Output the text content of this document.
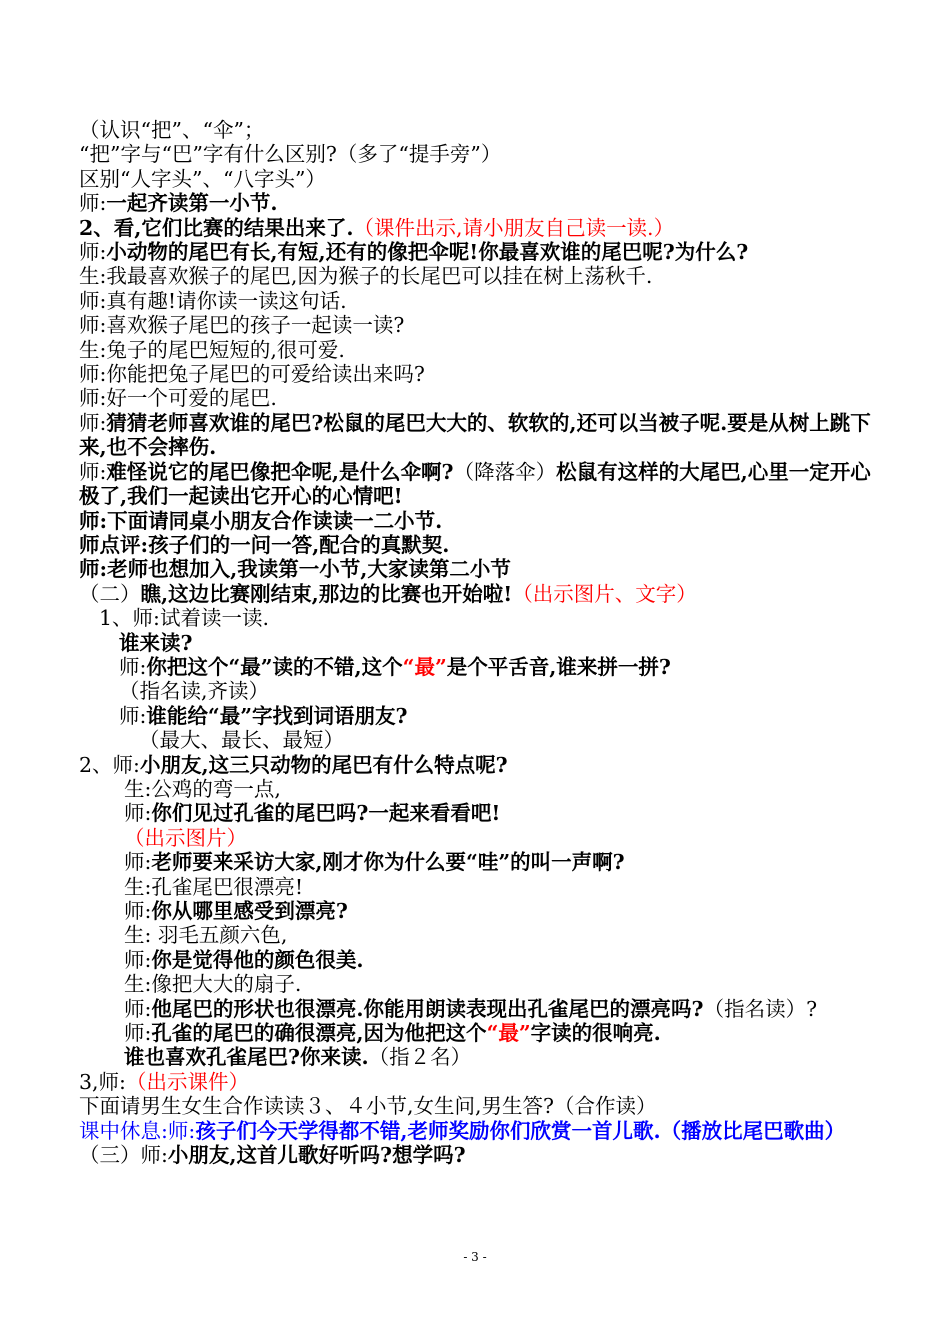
（认识“把”、“伞”；
“把”字与“巴”字有什么区别?（多了“提手旁”）
区别“人字头”、“八字头”）
师:一起齐读第一小节.
2、看,它们比赛的结果出来了.（课件出示,请小朋友自己读一读.）
师:小动物的尾巴有长,有短,还有的像把伞呢!你最喜欢谁的尾巴呢?为什么?
生:我最喜欢猴子的尾巴,因为猴子的长尾巴可以挂在树上荡秋千.
师:真有趣!请你读一读这句话.
师:喜欢猴子尾巴的孩子一起读一读?
生:兔子的尾巴短短的,很可爱.
师:你能把兔子尾巴的可爱给读出来吗?
师:好一个可爱的尾巴.
师:猜猜老师喜欢谁的尾巴?松鼠的尾巴大大的、软软的,还可以当被子呢.要是从树上跳下来,也不会摔伤.
师:难怪说它的尾巴像把伞呢,是什么伞啊?（降落伞）松鼠有这样的大尾巴,心里一定开心极了,我们一起读出它开心的心情吧!
师:下面请同桌小朋友合作读读一二小节.
师点评:孩子们的一问一答,配合的真默契.
师:老师也想加入,我读第一小节,大家读第二小节
（二）瞧,这边比赛刚结束,那边的比赛也开始啦!（出示图片、文字）
1、师:试着读一读.
谁来读?
师:你把这个“最”读的不错,这个“最”是个平舌音,谁来拼一拼?
（指名读,齐读）
师:谁能给“最”字找到词语朋友?
（最大、最长、最短）
2、师:小朋友,这三只动物的尾巴有什么特点呢?
生:公鸡的弯一点,
师:你们见过孔雀的尾巴吗?一起来看看吧!
（出示图片）
师:老师要来采访大家,刚才你为什么要“哇”的叫一声啊?
生:孔雀尾巴很漂亮!
师:你从哪里感受到漂亮?
生: 羽毛五颜六色,
师:你是觉得他的颜色很美.
生:像把大大的扇子.
师:他尾巴的形状也很漂亮.你能用朗读表现出孔雀尾巴的漂亮吗?（指名读）?
师:孔雀的尾巴的确很漂亮,因为他把这个“最”字读的很响亮.
谁也喜欢孔雀尾巴?你来读.（指２名）
3,师:（出示课件）
下面请男生女生合作读读３、４小节,女生问,男生答?（合作读）
课中休息:师:孩子们今天学得都不错,老师奖励你们欣赏一首儿歌.（播放比尾巴歌曲）
（三）师:小朋友,这首儿歌好听吗?想学吗?
- 3 -
